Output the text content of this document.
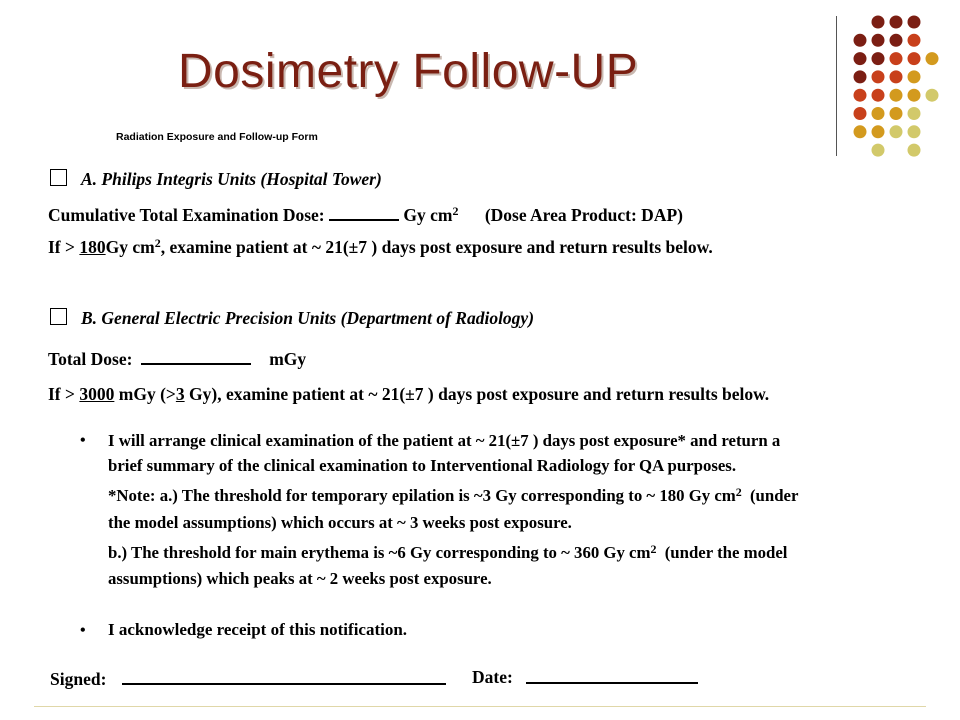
Dosimetry Follow-UP
Radiation Exposure and Follow-up Form
A. Philips Integris Units (Hospital Tower)
Cumulative Total Examination Dose:	Gy $cm^2$ (Dose Area Product: DAP)
If > 180Gy $cm^2$, examine patient at ~ 21(±7 ) days post exposure and return results below.
B. General Electric Precision Units (Department of Radiology)
Total Dose:	mGy
If > 3000 mGy (>3 Gy), examine patient at ~ 21(±7 ) days post exposure and return results below.
• I will arrange clinical examination of the patient at ~ 21(±7 ) days post exposure* and return a
brief summary of the clinical examination to Interventional Radiology for QA purposes.
*Note: a.) The threshold for temporary epilation is ~3 Gy corresponding to ~ 180 Gy $cm^2$ (under
the model assumptions) which occurs at ~ 3 weeks post exposure.
b.) The threshold for main erythema is ~6 Gy corresponding to ~ 360 Gy $cm^2$ (under the model
assumptions) which peaks at ~ 2 weeks post exposure.
• I acknowledge receipt of this notification.
Signed:	Date:
